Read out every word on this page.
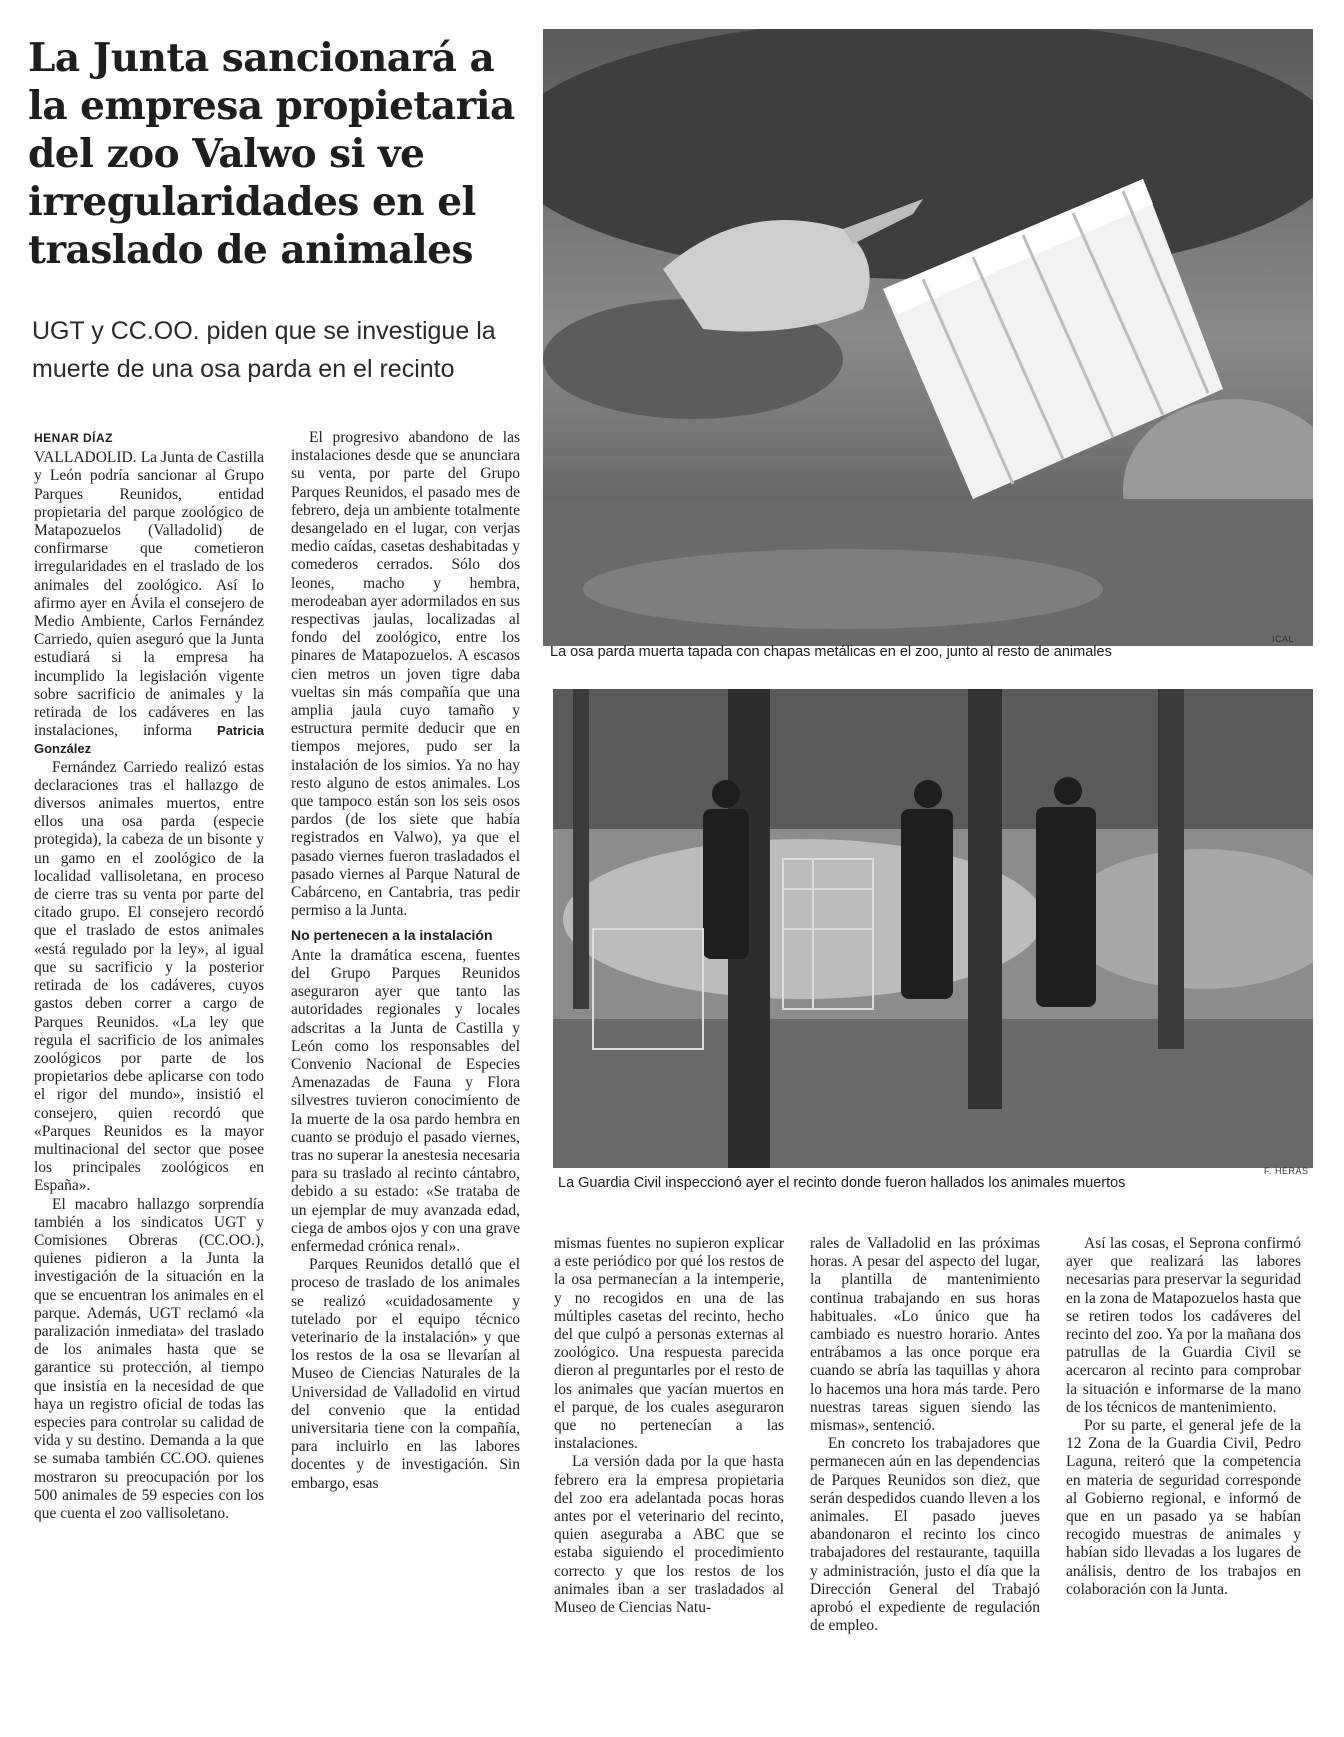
La Junta sancionará a la empresa propietaria del zoo Valwo si ve irregularidades en el traslado de animales
UGT y CC.OO. piden que se investigue la muerte de una osa parda en el recinto
HENAR DÍAZ

VALLADOLID. La Junta de Castilla y León podría sancionar al Grupo Parques Reunidos, entidad propietaria del parque zoológico de Matapozuelos (Valladolid) de confirmarse que cometieron irregularidades en el traslado de los animales del zoológico. Así lo afirmo ayer en Ávila el consejero de Medio Ambiente, Carlos Fernández Carriedo, quien aseguró que la Junta estudiará si la empresa ha incumplido la legislación vigente sobre sacrificio de animales y la retirada de los cadáveres en las instalaciones, informa Patricia González

Fernández Carriedo realizó estas declaraciones tras el hallazgo de diversos animales muertos, entre ellos una osa parda (especie protegida), la cabeza de un bisonte y un gamo en el zoológico de la localidad vallisoletana, en proceso de cierre tras su venta por parte del citado grupo. El consejero recordó que el traslado de estos animales «está regulado por la ley», al igual que su sacrificio y la posterior retirada de los cadáveres, cuyos gastos deben correr a cargo de Parques Reunidos. «La ley que regula el sacrificio de los animales zoológicos por parte de los propietarios debe aplicarse con todo el rigor del mundo», insistió el consejero, quien recordó que «Parques Reunidos es la mayor multinacional del sector que posee los principales zoológicos en España».

El macabro hallazgo sorprendía también a los sindicatos UGT y Comisiones Obreras (CC.OO.), quienes pidieron a la Junta la investigación de la situación en la que se encuentran los animales en el parque. Además, UGT reclamó «la paralización inmediata» del traslado de los animales hasta que se garantice su protección, al tiempo que insistía en la necesidad de que haya un registro oficial de todas las especies para controlar su calidad de vida y su destino. Demanda a la que se sumaba también CC.OO. quienes mostraron su preocupación por los 500 animales de 59 especies con los que cuenta el zoo vallisoletano.

El progresivo abandono de las instalaciones desde que se anunciara su venta, por parte del Grupo Parques Reunidos, el pasado mes de febrero, deja un ambiente totalmente desangelado en el lugar, con verjas medio caídas, casetas deshabitadas y comederos cerrados. Sólo dos leones, macho y hembra, merodeaban ayer adormilados en sus respectivas jaulas, localizadas al fondo del zoológico, entre los pinares de Matapozuelos. A escasos cien metros un joven tigre daba vueltas sin más compañía que una amplia jaula cuyo tamaño y estructura permite deducir que en tiempos mejores, pudo ser la instalación de los simios. Ya no hay resto alguno de estos animales. Los que tampoco están son los seis osos pardos (de los siete que había registrados en Valwo), ya que el pasado viernes fueron trasladados el pasado viernes al Parque Natural de Cabárceno, en Cantabria, tras pedir permiso a la Junta.

No pertenecen a la instalación

Ante la dramática escena, fuentes del Grupo Parques Reunidos aseguraron ayer que tanto las autoridades regionales y locales adscritas a la Junta de Castilla y León como los responsables del Convenio Nacional de Especies Amenazadas de Fauna y Flora silvestres tuvieron conocimiento de la muerte de la osa pardo hembra en cuanto se produjo el pasado viernes, tras no superar la anestesia necesaria para su traslado al recinto cántabro, debido a su estado: «Se trataba de un ejemplar de muy avanzada edad, ciega de ambos ojos y con una grave enfermedad crónica renal».

Parques Reunidos detalló que el proceso de traslado de los animales se realizó «cuidadosamente y tutelado por el equipo técnico veterinario de la instalación» y que los restos de la osa se llevarían al Museo de Ciencias Naturales de la Universidad de Valladolid en virtud del convenio que la entidad universitaria tiene con la compañía, para incluirlo en las labores docentes y de investigación. Sin embargo, esas

La osa parda muerta tapada con chapas metálicas en el zoo, junto al resto de animales
ICAL
La Guardia Civil inspeccionó ayer el recinto donde fueron hallados los animales muertos
F. HERAS

mismas fuentes no supieron explicar a este periódico por qué los restos de la osa permanecían a la intemperie, y no recogidos en una de las múltiples casetas del recinto, hecho del que culpó a personas externas al zoológico. Una respuesta parecida dieron al preguntarles por el resto de los animales que yacían muertos en el parque, de los cuales aseguraron que no pertenecían a las instalaciones.

La versión dada por la que hasta febrero era la empresa propietaria del zoo era adelantada pocas horas antes por el veterinario del recinto, quien aseguraba a ABC que se estaba siguiendo el procedimiento correcto y que los restos de los animales iban a ser trasladados al Museo de Ciencias Natu-

rales de Valladolid en las próximas horas. A pesar del aspecto del lugar, la plantilla de mantenimiento continua trabajando en sus horas habituales. «Lo único que ha cambiado es nuestro horario. Antes entrábamos a las once porque era cuando se abría las taquillas y ahora lo hacemos una hora más tarde. Pero nuestras tareas siguen siendo las mismas», sentenció.

En concreto los trabajadores que permanecen aún en las dependencias de Parques Reunidos son diez, que serán despedidos cuando lleven a los animales. El pasado jueves abandonaron el recinto los cinco trabajadores del restaurante, taquilla y administración, justo el día que la Dirección General del Trabajó aprobó el expediente de regulación de empleo.

Así las cosas, el Seprona confirmó ayer que realizará las labores necesarias para preservar la seguridad en la zona de Matapozuelos hasta que se retiren todos los cadáveres del recinto del zoo. Ya por la mañana dos patrullas de la Guardia Civil se acercaron al recinto para comprobar la situación e informarse de la mano de los técnicos de mantenimiento.

Por su parte, el general jefe de la 12 Zona de la Guardia Civil, Pedro Laguna, reiteró que la competencia en materia de seguridad corresponde al Gobierno regional, e informó de que en un pasado ya se habían recogido muestras de animales y habían sido llevadas a los lugares de análisis, dentro de los trabajos en colaboración con la Junta.
